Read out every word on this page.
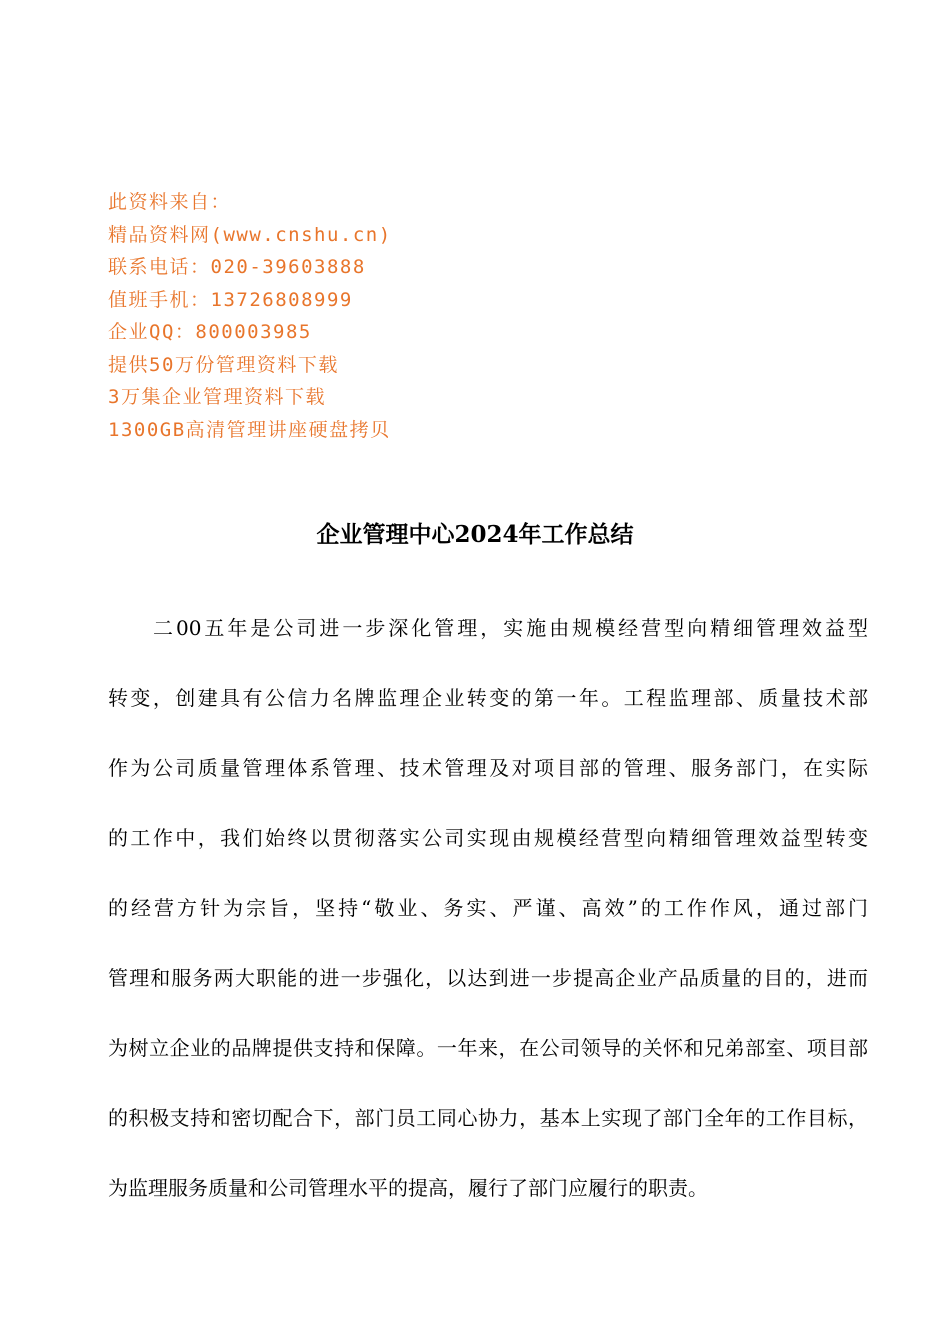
此资料来自：
精品资料网(www.cnshu.cn)
联系电话：020-39603888
值班手机：13726808999
企业QQ：800003985
提供50万份管理资料下载
3万集企业管理资料下载
1300GB高清管理讲座硬盘拷贝
企业管理中心2024年工作总结
二00五年是公司进一步深化管理，实施由规模经营型向精细管理效益型
转变，创建具有公信力名牌监理企业转变的第一年。工程监理部、质量技术部
作为公司质量管理体系管理、技术管理及对项目部的管理、服务部门，在实际
的工作中，我们始终以贯彻落实公司实现由规模经营型向精细管理效益型转变
的经营方针为宗旨，坚持“敬业、务实、严谨、高效”的工作作风，通过部门
管理和服务两大职能的进一步强化，以达到进一步提高企业产品质量的目的，进而
为树立企业的品牌提供支持和保障。一年来，在公司领导的关怀和兄弟部室、项目部
的积极支持和密切配合下，部门员工同心协力，基本上实现了部门全年的工作目标，
为监理服务质量和公司管理水平的提高，履行了部门应履行的职责。
